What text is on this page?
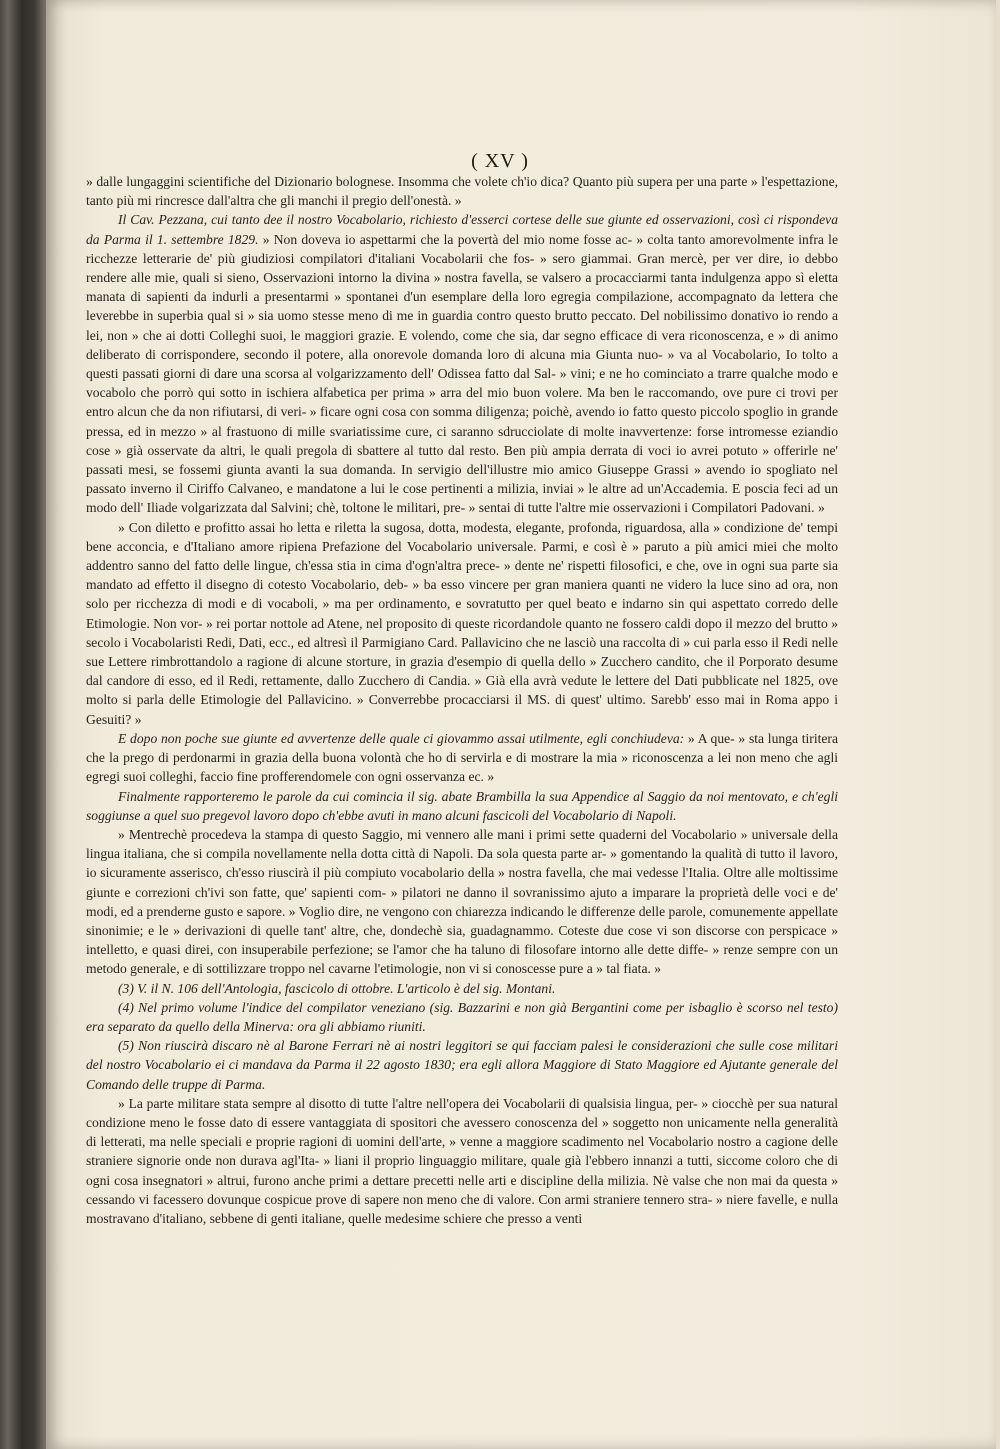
( XV )

» dalle lungaggini scientifiche del Dizionario bolognese. Insomma che volete ch'io dica? Quanto più supera per una parte » l'espettazione, tanto più mi rincresce dall'altra che gli manchi il pregio dell'onestà. »

Il Cav. Pezzana, cui tanto dee il nostro Vocabolario, richiesto d'esserci cortese delle sue giunte ed osservazioni, così ci rispondeva da Parma il 1. settembre 1829. » Non doveva io aspettarmi che la povertà del mio nome fosse ac- » colta tanto amorevolmente infra le ricchezze letterarie de' più giudiziosi compilatori d'italiani Vocabolarii che fos- » sero giammai. Gran mercè, per ver dire, io debbo rendere alle mie, quali si sieno, Osservazioni intorno la divina » nostra favella, se valsero a procacciarmi tanta indulgenza appo sì eletta manata di sapienti da indurli a presentarmi » spontanei d'un esemplare della loro egregia compilazione, accompagnato da lettera che leverebbe in superbia qual si » sia uomo stesse meno di me in guardia contro questo brutto peccato. Del nobilissimo donativo io rendo a lei, non » che ai dotti Colleghi suoi, le maggiori grazie. E volendo, come che sia, dar segno efficace di vera riconoscenza, e » di animo deliberato di corrispondere, secondo il potere, alla onorevole domanda loro di alcuna mia Giunta nuo- » va al Vocabolario, Io tolto a questi passati giorni di dare una scorsa al volgarizzamento dell' Odissea fatto dal Sal- » vini; e ne ho cominciato a trarre qualche modo e vocabolo che porrò qui sotto in ischiera alfabetica per prima » arra del mio buon volere. Ma ben le raccomando, ove pure ci trovi per entro alcun che da non rifiutarsi, di veri- » ficare ogni cosa con somma diligenza; poichè, avendo io fatto questo piccolo spoglio in grande pressa, ed in mezzo » al frastuono di mille svariatissime cure, ci saranno sdrucciolate di molte inavvertenze: forse intromesse eziandio cose » già osservate da altri, le quali pregola di sbattere al tutto dal resto. Ben più ampia derrata di voci io avrei potuto » offerirle ne' passati mesi, se fossemi giunta avanti la sua domanda. In servigio dell'illustre mio amico Giuseppe Grassi » avendo io spogliato nel passato inverno il Ciriffo Calvaneo, e mandatone a lui le cose pertinenti a milizia, inviai » le altre ad un'Accademia. E poscia feci ad un modo dell' Iliade volgarizzata dal Salvini; chè, toltone le militari, pre- » sentai di tutte l'altre mie osservazioni i Compilatori Padovani. »

» Con diletto e profitto assai ho letta e riletta la sugosa, dotta, modesta, elegante, profonda, riguardosa, alla » condizione de' tempi bene acconcia, e d'Italiano amore ripiena Prefazione del Vocabolario universale. Parmi, e così è » paruto a più amici miei che molto addentro sanno del fatto delle lingue, ch'essa stia in cima d'ogn'altra prece- » dente ne' rispetti filosofici, e che, ove in ogni sua parte sia mandato ad effetto il disegno di cotesto Vocabolario, deb- » ba esso vincere per gran maniera quanti ne videro la luce sino ad ora, non solo per ricchezza di modi e di vocaboli, » ma per ordinamento, e sovratutto per quel beato e indarno sin qui aspettato corredo delle Etimologie. Non vor- » rei portar nottole ad Atene, nel proposito di queste ricordandole quanto ne fossero caldi dopo il mezzo del brutto » secolo i Vocabolaristi Redi, Dati, ecc., ed altresì il Parmigiano Card. Pallavicino che ne lasciò una raccolta di » cui parla esso il Redi nelle sue Lettere rimbrottandolo a ragione di alcune storture, in grazia d'esempio di quella dello » Zucchero candito, che il Porporato desume dal candore di esso, ed il Redi, rettamente, dallo Zucchero di Candia. » Già ella avrà vedute le lettere del Dati pubblicate nel 1825, ove molto si parla delle Etimologie del Pallavicino. » Converrebbe procacciarsi il MS. di quest' ultimo. Sarebb' esso mai in Roma appo i Gesuiti? »

E dopo non poche sue giunte ed avvertenze delle quale ci giovammo assai utilmente, egli conchiudeva: » A que- » sta lunga tiritera che la prego di perdonarmi in grazia della buona volontà che ho di servirla e di mostrare la mia » riconoscenza a lei non meno che agli egregi suoi colleghi, faccio fine profferendomele con ogni osservanza ec. »

Finalmente rapporteremo le parole da cui comincia il sig. abate Brambilla la sua Appendice al Saggio da noi mentovato, e ch'egli soggiunse a quel suo pregevol lavoro dopo ch'ebbe avuti in mano alcuni fascicoli del Vocabolario di Napoli.

» Mentrechè procedeva la stampa di questo Saggio, mi vennero alle mani i primi sette quaderni del Vocabolario » universale della lingua italiana, che si compila novellamente nella dotta città di Napoli. Da sola questa parte ar- » gomentando la qualità di tutto il lavoro, io sicuramente asserisco, ch'esso riuscirà il più compiuto vocabolario della » nostra favella, che mai vedesse l'Italia. Oltre alle moltissime giunte e correzioni ch'ivi son fatte, que' sapienti com- » pilatori ne danno il sovranissimo ajuto a imparare la proprietà delle voci e de' modi, ed a prenderne gusto e sapore. » Voglio dire, ne vengono con chiarezza indicando le differenze delle parole, comunemente appellate sinonimie; e le » derivazioni di quelle tant' altre, che, dondechè sia, guadagnammo. Coteste due cose vi son discorse con perspicace » intelletto, e quasi direi, con insuperabile perfezione; se l'amor che ha taluno di filosofare intorno alle dette diffe- » renze sempre con un metodo generale, e di sottilizzare troppo nel cavarne l'etimologie, non vi si conoscesse pure a » tal fiata. »

(3) V. il N. 106 dell'Antologia, fascicolo di ottobre. L'articolo è del sig. Montani.

(4) Nel primo volume l'indice del compilator veneziano (sig. Bazzarini e non già Bergantini come per isbaglio è scorso nel testo) era separato da quello della Minerva: ora gli abbiamo riuniti.

(5) Non riuscirà discaro nè al Barone Ferrari nè ai nostri leggitori se qui facciam palesi le considerazioni che sulle cose militari del nostro Vocabolario ei ci mandava da Parma il 22 agosto 1830; era egli allora Maggiore di Stato Maggiore ed Ajutante generale del Comando delle truppe di Parma.

» La parte militare stata sempre al disotto di tutte l'altre nell'opera dei Vocabolarii di qualsisia lingua, per- » ciocchè per sua natural condizione meno le fosse dato di essere vantaggiata di spositori che avessero conoscenza del » soggetto non unicamente nella generalità di letterati, ma nelle speciali e proprie ragioni di uomini dell'arte, » venne a maggiore scadimento nel Vocabolario nostro a cagione delle straniere signorie onde non durava agl'Ita- » liani il proprio linguaggio militare, quale già l'ebbero innanzi a tutti, siccome coloro che di ogni cosa insegnatori » altrui, furono anche primi a dettare precetti nelle arti e discipline della milizia. Nè valse che non mai da questa » cessando vi facessero dovunque cospicue prove di sapere non meno che di valore. Con armi straniere tennero stra- » niere favelle, e nulla mostravano d'italiano, sebbene di genti italiane, quelle medesime schiere che presso a venti
